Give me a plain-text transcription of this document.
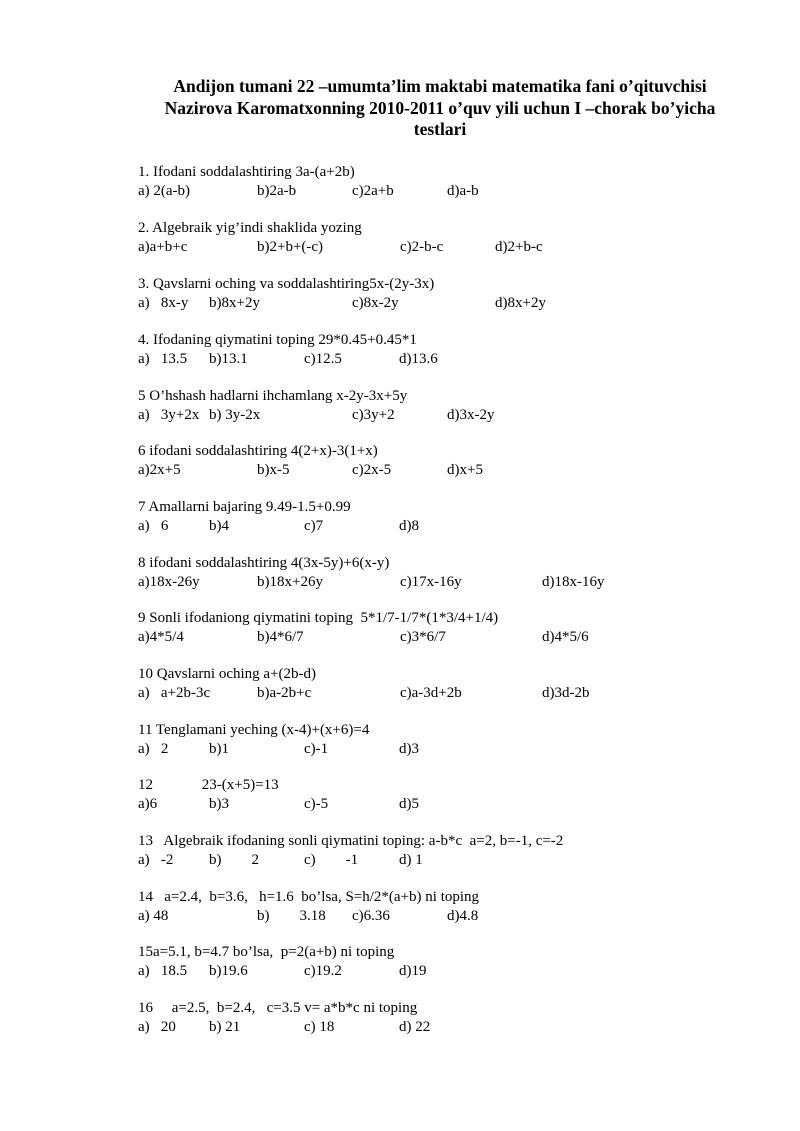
Andijon tumani 22 –umumta’lim maktabi matematika fani o’qituvchisi
Nazirova Karomatxonning 2010-2011 o’quv yili uchun I –chorak bo’yicha
testlari
1. Ifodani soddalashtiring 3a-(a+2b)
a) 2(a-b)	b)2a-b	c)2a+b	d)a-b
2. Algebraik yig’indi shaklida yozing
a)a+b+c	b)2+b+(-c)	c)2-b-c	d)2+b-c
3. Qavslarni oching va soddalashtiring5x-(2y-3x)
a)   8x-y b)8x+2y	c)8x-2y	d)8x+2y
4. Ifodaning qiymatini toping 29*0.45+0.45*1
a)   13.5 b)13.1	c)12.5	d)13.6
5 O’hshash hadlarni ihchamlang x-2y-3x+5y
a)   3y+2x b) 3y-2x	c)3y+2	d)3x-2y
6 ifodani soddalashtiring 4(2+x)-3(1+x)
a)2x+5	b)x-5	c)2x-5	d)x+5
7 Amallarni bajaring 9.49-1.5+0.99
a)   6	b)4	c)7	d)8
8 ifodani soddalashtiring 4(3x-5y)+6(x-y)
a)18x-26y	b)18x+26y	c)17x-16y	d)18x-16y
9 Sonli ifodaniong qiymatini toping  5*1/7-1/7*(1*3/4+1/4)
a)4*5/4	b)4*6/7	c)3*6/7	d)4*5/6
10 Qavslarni oching a+(2b-d)
a)   a+2b-3c	b)a-2b+c	c)a-3d+2b	d)3d-2b
11 Tenglamani yeching (x-4)+(x+6)=4
a)   2	b)1	c)-1	d)3
12             23-(x+5)=13
a)6	b)3	c)-5	d)5
13   Algebraik ifodaning sonli qiymatini toping: a-b*c  a=2, b=-1, c=-2
a)   -2 b)        2	c)        -1	d) 1
14   a=2.4,  b=3.6,   h=1.6  bo’lsa, S=h/2*(a+b) ni toping
a) 48	b)        3.18 c)6.36	d)4.8
15a=5.1, b=4.7 bo’lsa,  p=2(a+b) ni toping
a)   18.5 b)19.6	c)19.2	d)19
16     a=2.5,  b=2.4,   c=3.5 v= a*b*c ni toping
a)   20 b) 21	c) 18	d) 22
